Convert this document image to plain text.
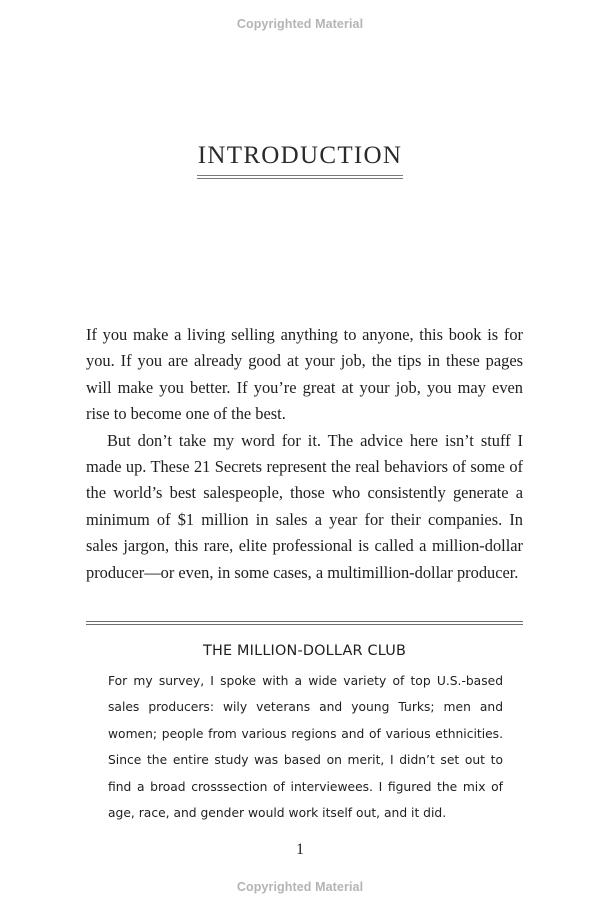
Copyrighted Material
INTRODUCTION

If you make a living selling anything to anyone, this book is for you. If you are already good at your job, the tips in these pages will make you better. If you’re great at your job, you may even rise to become one of the best.

But don’t take my word for it. The advice here isn’t stuff I made up. These 21 Secrets represent the real behaviors of some of the world’s best salespeople, those who consistently generate a minimum of $1 million in sales a year for their companies. In sales jargon, this rare, elite professional is called a million-dollar producer—or even, in some cases, a multimillion-dollar producer.

THE MILLION-DOLLAR CLUB

For my survey, I spoke with a wide variety of top U.S.-based sales producers: wily veterans and young Turks; men and women; people from various regions and of various ethnicities. Since the entire study was based on merit, I didn’t set out to find a broad crosssection of interviewees. I figured the mix of age, race, and gender would work itself out, and it did.

1
Copyrighted Material
